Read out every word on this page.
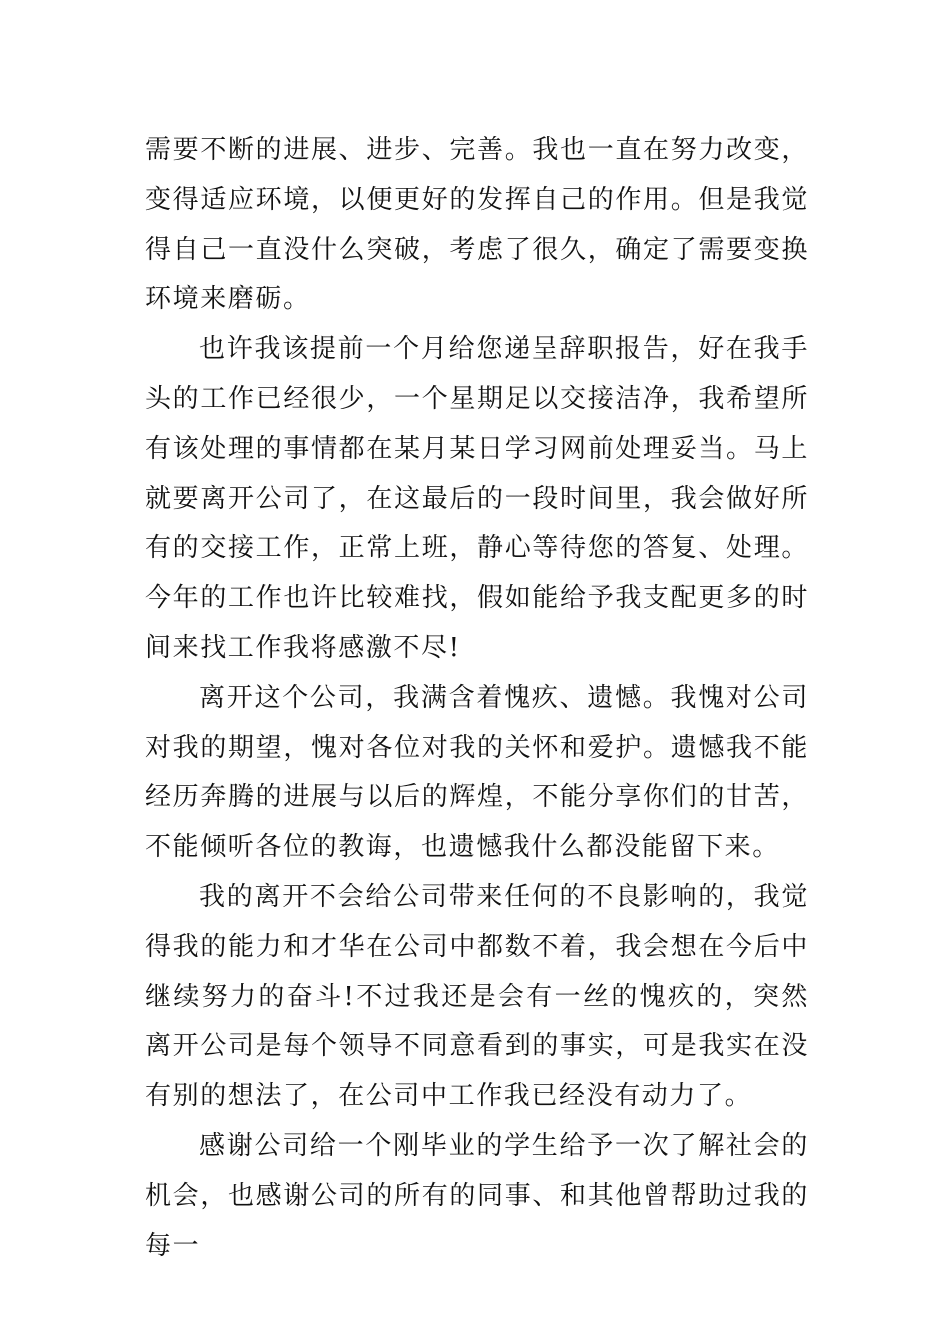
需要不断的进展、进步、完善。我也一直在努力改变，变得适应环境，以便更好的发挥自己的作用。但是我觉得自己一直没什么突破，考虑了很久，确定了需要变换环境来磨砺。

也许我该提前一个月给您递呈辞职报告，好在我手头的工作已经很少，一个星期足以交接洁净，我希望所有该处理的事情都在某月某日学习网前处理妥当。马上就要离开公司了，在这最后的一段时间里，我会做好所有的交接工作，正常上班，静心等待您的答复、处理。今年的工作也许比较难找，假如能给予我支配更多的时间来找工作我将感激不尽!

离开这个公司，我满含着愧疚、遗憾。我愧对公司对我的期望，愧对各位对我的关怀和爱护。遗憾我不能经历奔腾的进展与以后的辉煌，不能分享你们的甘苦，不能倾听各位的教诲，也遗憾我什么都没能留下来。

我的离开不会给公司带来任何的不良影响的，我觉得我的能力和才华在公司中都数不着，我会想在今后中继续努力的奋斗!不过我还是会有一丝的愧疚的，突然离开公司是每个领导不同意看到的事实，可是我实在没有别的想法了，在公司中工作我已经没有动力了。

感谢公司给一个刚毕业的学生给予一次了解社会的机会，也感谢公司的所有的同事、和其他曾帮助过我的每一
